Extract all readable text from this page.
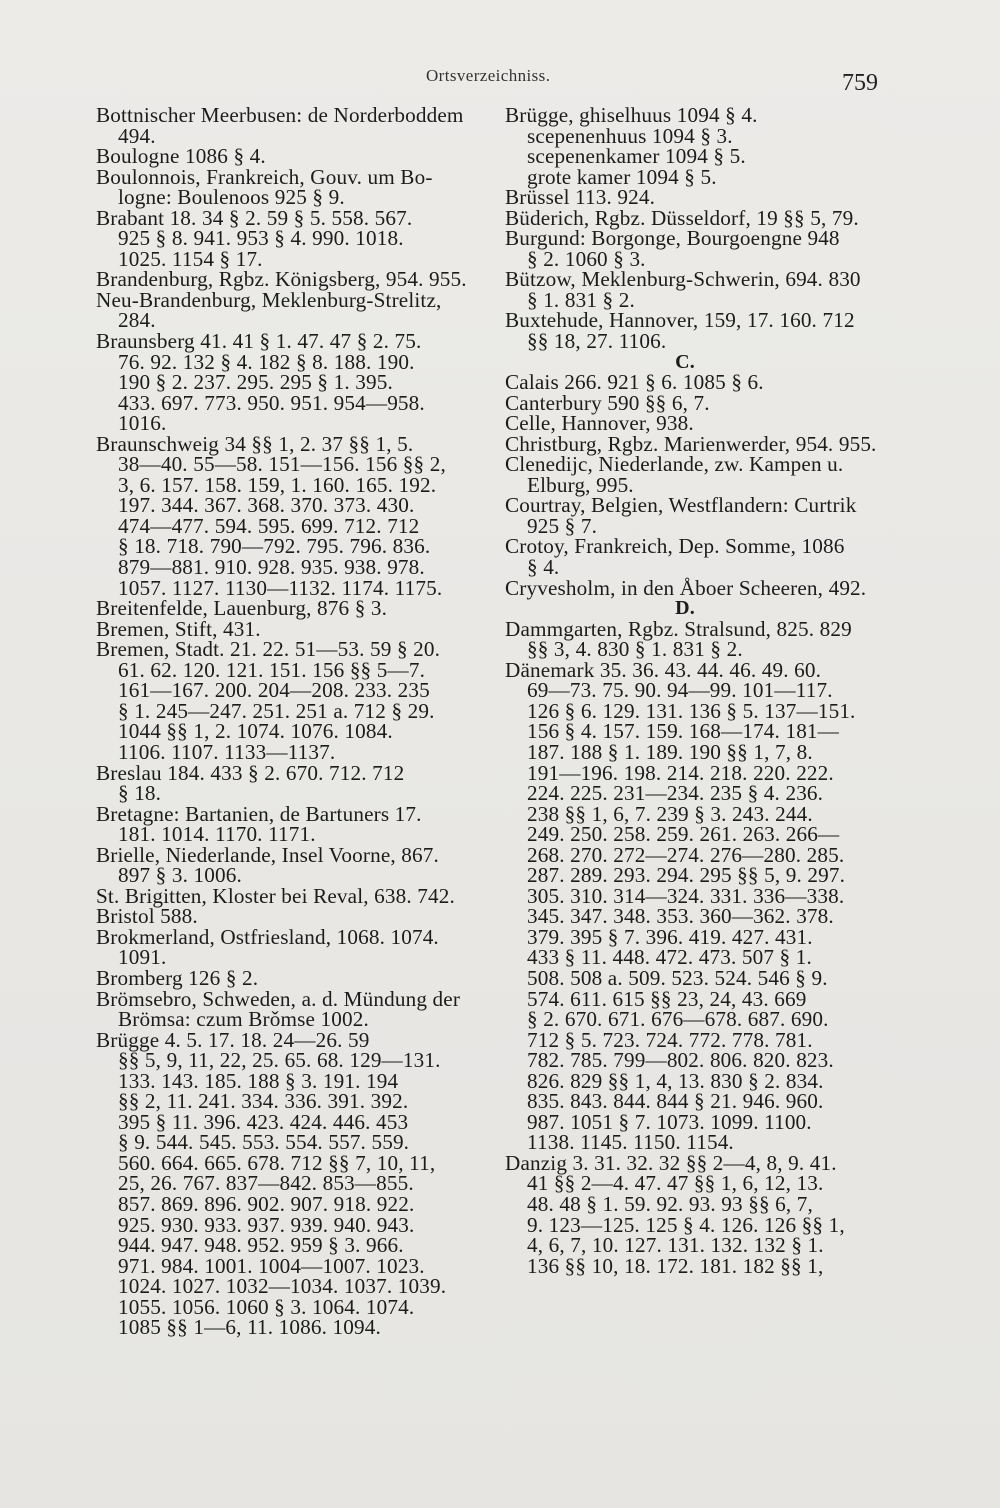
Ortsverzeichniss.	759
Bottnischer Meerbusen: de Norderboddem
494.
Boulogne 1086 § 4.
Boulonnois, Frankreich, Gouv. um Bo-
logne: Boulenoos 925 § 9.
Brabant 18. 34 § 2. 59 § 5. 558. 567.
925 § 8. 941. 953 § 4. 990. 1018.
1025. 1154 § 17.
Brandenburg, Rgbz. Königsberg, 954. 955.
Neu-Brandenburg, Meklenburg-Strelitz,
284.
Braunsberg 41. 41 § 1. 47. 47 § 2. 75.
76. 92. 132 § 4. 182 § 8. 188. 190.
190 § 2. 237. 295. 295 § 1. 395.
433. 697. 773. 950. 951. 954—958.
1016.
Braunschweig 34 §§ 1, 2. 37 §§ 1, 5.
38—40. 55—58. 151—156. 156 §§ 2,
3, 6. 157. 158. 159, 1. 160. 165. 192.
197. 344. 367. 368. 370. 373. 430.
474—477. 594. 595. 699. 712. 712
§ 18. 718. 790—792. 795. 796. 836.
879—881. 910. 928. 935. 938. 978.
1057. 1127. 1130—1132. 1174. 1175.
Breitenfelde, Lauenburg, 876 § 3.
Bremen, Stift, 431.
Bremen, Stadt. 21. 22. 51—53. 59 § 20.
61. 62. 120. 121. 151. 156 §§ 5—7.
161—167. 200. 204—208. 233. 235
§ 1. 245—247. 251. 251 a. 712 § 29.
1044 §§ 1, 2. 1074. 1076. 1084.
1106. 1107. 1133—1137.
Breslau 184. 433 § 2. 670. 712. 712
§ 18.
Bretagne: Bartanien, de Bartuners 17.
181. 1014. 1170. 1171.
Brielle, Niederlande, Insel Voorne, 867.
897 § 3. 1006.
St. Brigitten, Kloster bei Reval, 638. 742.
Bristol 588.
Brokmerland, Ostfriesland, 1068. 1074.
1091.
Bromberg 126 § 2.
Brömsebro, Schweden, a. d. Mündung der
Brömsa: czum Brǒmse 1002.
Brügge 4. 5. 17. 18. 24—26. 59
§§ 5, 9, 11, 22, 25. 65. 68. 129—131.
133. 143. 185. 188 § 3. 191. 194
§§ 2, 11. 241. 334. 336. 391. 392.
395 § 11. 396. 423. 424. 446. 453
§ 9. 544. 545. 553. 554. 557. 559.
560. 664. 665. 678. 712 §§ 7, 10, 11,
25, 26. 767. 837—842. 853—855.
857. 869. 896. 902. 907. 918. 922.
925. 930. 933. 937. 939. 940. 943.
944. 947. 948. 952. 959 § 3. 966.
971. 984. 1001. 1004—1007. 1023.
1024. 1027. 1032—1034. 1037. 1039.
1055. 1056. 1060 § 3. 1064. 1074.
1085 §§ 1—6, 11. 1086. 1094.
Brügge, ghiselhuus 1094 § 4.
scepenenhuus 1094 § 3.
scepenenkamer 1094 § 5.
grote kamer 1094 § 5.
Brüssel 113. 924.
Büderich, Rgbz. Düsseldorf, 19 §§ 5, 79.
Burgund: Borgonge, Bourgoengne 948
§ 2. 1060 § 3.
Bützow, Meklenburg-Schwerin, 694. 830
§ 1. 831 § 2.
Buxtehude, Hannover, 159, 17. 160. 712
§§ 18, 27. 1106.
C.
Calais 266. 921 § 6. 1085 § 6.
Canterbury 590 §§ 6, 7.
Celle, Hannover, 938.
Christburg, Rgbz. Marienwerder, 954. 955.
Clenedijc, Niederlande, zw. Kampen u.
Elburg, 995.
Courtray, Belgien, Westflandern: Curtrik
925 § 7.
Crotoy, Frankreich, Dep. Somme, 1086
§ 4.
Cryvesholm, in den Åboer Scheeren, 492.
D.
Dammgarten, Rgbz. Stralsund, 825. 829
§§ 3, 4. 830 § 1. 831 § 2.
Dänemark 35. 36. 43. 44. 46. 49. 60.
69—73. 75. 90. 94—99. 101—117.
126 § 6. 129. 131. 136 § 5. 137—151.
156 § 4. 157. 159. 168—174. 181—
187. 188 § 1. 189. 190 §§ 1, 7, 8.
191—196. 198. 214. 218. 220. 222.
224. 225. 231—234. 235 § 4. 236.
238 §§ 1, 6, 7. 239 § 3. 243. 244.
249. 250. 258. 259. 261. 263. 266—
268. 270. 272—274. 276—280. 285.
287. 289. 293. 294. 295 §§ 5, 9. 297.
305. 310. 314—324. 331. 336—338.
345. 347. 348. 353. 360—362. 378.
379. 395 § 7. 396. 419. 427. 431.
433 § 11. 448. 472. 473. 507 § 1.
508. 508 a. 509. 523. 524. 546 § 9.
574. 611. 615 §§ 23, 24, 43. 669
§ 2. 670. 671. 676—678. 687. 690.
712 § 5. 723. 724. 772. 778. 781.
782. 785. 799—802. 806. 820. 823.
826. 829 §§ 1, 4, 13. 830 § 2. 834.
835. 843. 844. 844 § 21. 946. 960.
987. 1051 § 7. 1073. 1099. 1100.
1138. 1145. 1150. 1154.
Danzig 3. 31. 32. 32 §§ 2—4, 8, 9. 41.
41 §§ 2—4. 47. 47 §§ 1, 6, 12, 13.
48. 48 § 1. 59. 92. 93. 93 §§ 6, 7,
9. 123—125. 125 § 4. 126. 126 §§ 1,
4, 6, 7, 10. 127. 131. 132. 132 § 1.
136 §§ 10, 18. 172. 181. 182 §§ 1,
